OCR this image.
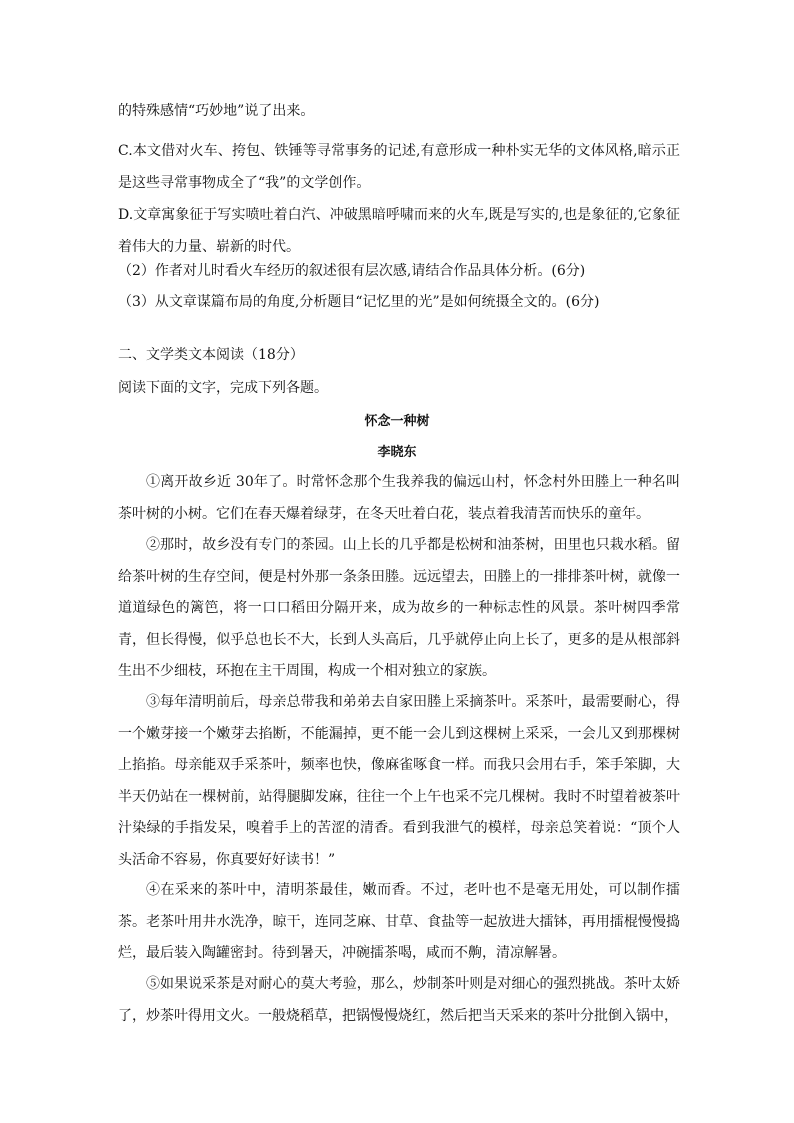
的特殊感情“巧妙地”说了出来。

C.本文借对火车、挎包、铁锤等寻常事务的记述,有意形成一种朴实无华的文体风格,暗示正是这些寻常事物成全了“我”的文学创作。

D.文章寓象征于写实喷吐着白汽、冲破黑暗呼啸而来的火车,既是写实的,也是象征的,它象征着伟大的力量、崭新的时代。

（2）作者对儿时看火车经历的叙述很有层次感,请结合作品具体分析。(6分)
（3）从文章谋篇布局的角度,分析题目“记忆里的光”是如何统摄全文的。(6分)
二、文学类文本阅读（18分）
阅读下面的文字，完成下列各题。
怀念一种树
李晓东

①离开故乡近 30年了。时常怀念那个生我养我的偏远山村，怀念村外田塍上一种名叫茶叶树的小树。它们在春天爆着绿芽，在冬天吐着白花，装点着我清苦而快乐的童年。

②那时，故乡没有专门的茶园。山上长的几乎都是松树和油茶树，田里也只栽水稻。留给茶叶树的生存空间，便是村外那一条条田塍。远远望去，田塍上的一排排茶叶树，就像一道道绿色的篱笆，将一口口稻田分隔开来，成为故乡的一种标志性的风景。茶叶树四季常青，但长得慢，似乎总也长不大，长到人头高后，几乎就停止向上长了，更多的是从根部斜生出不少细枝，环抱在主干周围，构成一个相对独立的家族。

③每年清明前后，母亲总带我和弟弟去自家田塍上采摘茶叶。采茶叶，最需要耐心，得一个嫩芽接一个嫩芽去掐断，不能漏掉，更不能一会儿到这棵树上采采，一会儿又到那棵树上掐掐。母亲能双手采茶叶，频率也快，像麻雀啄食一样。而我只会用右手，笨手笨脚，大半天仍站在一棵树前，站得腿脚发麻，往往一个上午也采不完几棵树。我时不时望着被茶叶汁染绿的手指发呆，嗅着手上的苦涩的清香。看到我泄气的模样，母亲总笑着说：“顶个人头活命不容易，你真要好好读书！”

④在采来的茶叶中，清明茶最佳，嫩而香。不过，老叶也不是毫无用处，可以制作擂茶。老茶叶用井水洗净，晾干，连同芝麻、甘草、食盐等一起放进大擂钵，再用擂棍慢慢捣烂，最后装入陶罐密封。待到暑天，冲碗擂茶喝，咸而不齁，清凉解暑。

⑤如果说采茶是对耐心的莫大考验，那么，炒制茶叶则是对细心的强烈挑战。茶叶太娇了，炒茶叶得用文火。一般烧稻草，把锅慢慢烧红，然后把当天采来的茶叶分批倒入锅中，
